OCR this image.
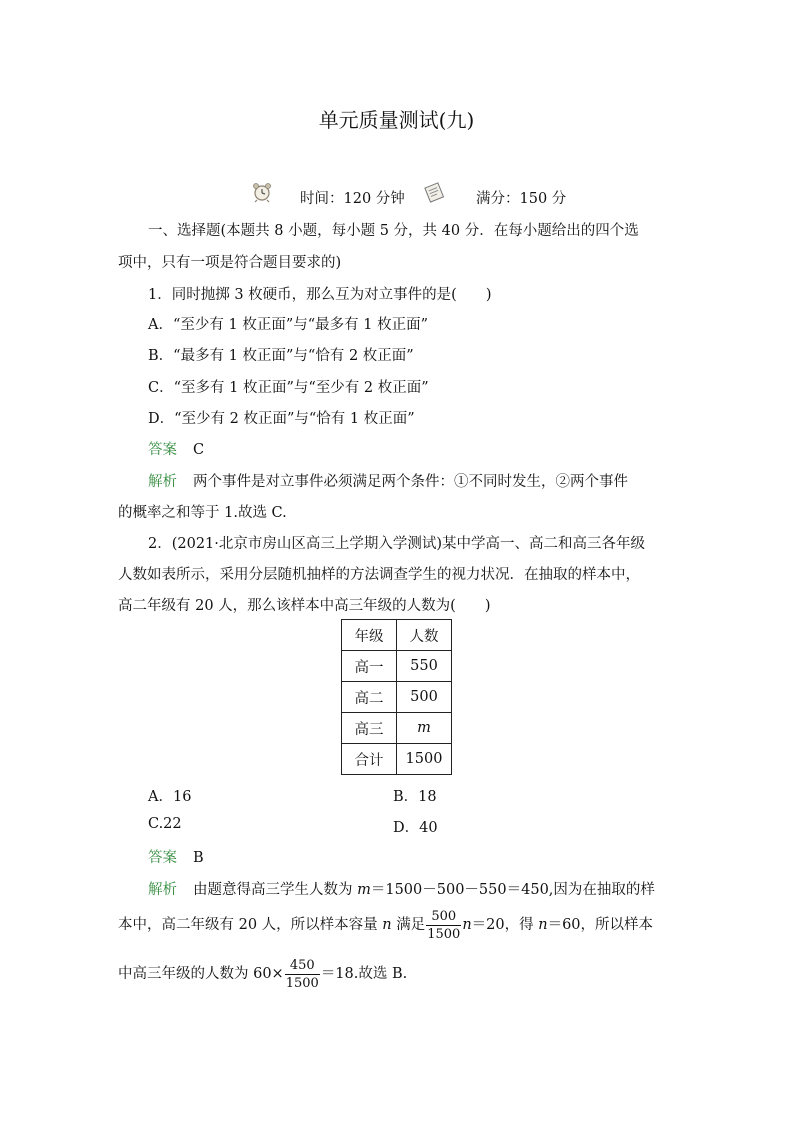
单元质量测试(九)
时间：120 分钟	满分：150 分
一、选择题(本题共 8 小题，每小题 5 分，共 40 分．在每小题给出的四个选
项中，只有一项是符合题目要求的)
1．同时抛掷 3 枚硬币，那么互为对立事件的是(　　)
A．“至少有 1 枚正面”与“最多有 1 枚正面”
B．“最多有 1 枚正面”与“恰有 2 枚正面”
C．“至多有 1 枚正面”与“至少有 2 枚正面”
D．“至少有 2 枚正面”与“恰有 1 枚正面”
答案 C
解析 两个事件是对立事件必须满足两个条件：①不同时发生，②两个事件
的概率之和等于 1.故选 C.
2．(2021·北京市房山区高三上学期入学测试)某中学高一、高二和高三各年级
人数如表所示，采用分层随机抽样的方法调查学生的视力状况．在抽取的样本中，
高二年级有 20 人，那么该样本中高三年级的人数为(　　)
年级	人数
高一	550
高二	500
高三	m
合计	1500
A．16	B．18
C.22	D．40
答案 B
解析 由题意得高三学生人数为 m＝1500－500－550＝450,因为在抽取的样
本中，高二年级有 20 人，所以样本容量 n 满足 $\frac{500}{1500} n=20$，得 n＝60，所以样本
中高三年级的人数为 $60\times \frac{450}{1500} =18$.故选 B.
